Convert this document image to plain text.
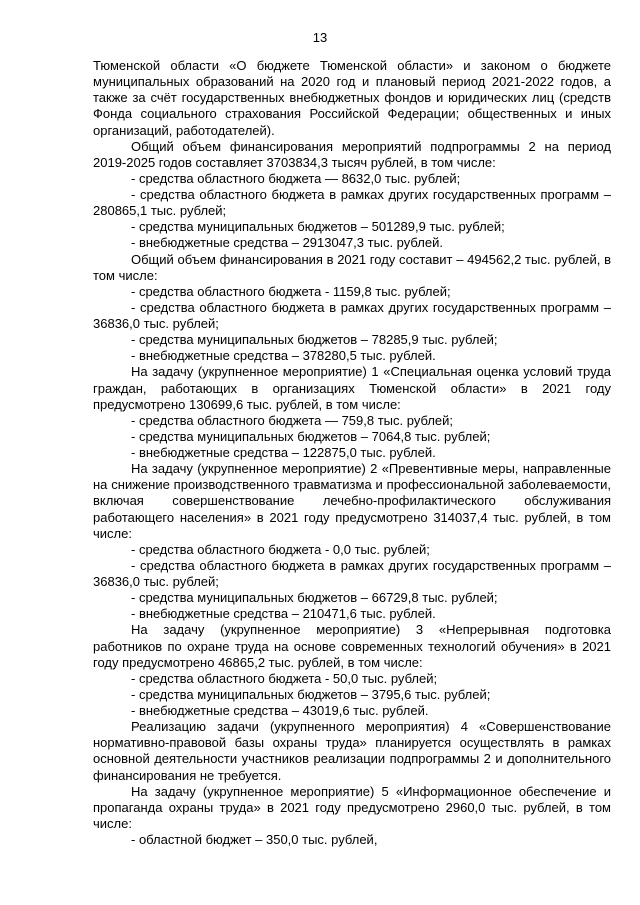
13

Тюменской области «О бюджете Тюменской области» и законом о бюджете муниципальных образований на 2020 год и плановый период 2021-2022 годов, а также за счёт государственных внебюджетных фондов и юридических лиц (средств Фонда социального страхования Российской Федерации; общественных и иных организаций, работодателей).

Общий объем финансирования мероприятий подпрограммы 2 на период 2019-2025 годов составляет 3703834,3 тысяч рублей, в том числе:

- средства областного бюджета — 8632,0 тыс. рублей;

- средства областного бюджета в рамках других государственных программ – 280865,1 тыс. рублей;

- средства муниципальных бюджетов – 501289,9 тыс. рублей;

- внебюджетные средства – 2913047,3 тыс. рублей.

Общий объем финансирования в 2021 году составит – 494562,2 тыс. рублей, в том числе:

- средства областного бюджета - 1159,8 тыс. рублей;

- средства областного бюджета в рамках других государственных программ – 36836,0 тыс. рублей;

- средства муниципальных бюджетов – 78285,9 тыс. рублей;

- внебюджетные средства – 378280,5 тыс. рублей.

На задачу (укрупненное мероприятие) 1 «Специальная оценка условий труда граждан, работающих в организациях Тюменской области» в 2021 году предусмотрено 130699,6 тыс. рублей, в том числе:

- средства областного бюджета — 759,8 тыс. рублей;

- средства муниципальных бюджетов – 7064,8 тыс. рублей;

- внебюджетные средства – 122875,0 тыс. рублей.

На задачу (укрупненное мероприятие) 2 «Превентивные меры, направленные на снижение производственного травматизма и профессиональной заболеваемости, включая совершенствование лечебно-профилактического обслуживания работающего населения» в 2021 году предусмотрено 314037,4 тыс. рублей, в том числе:

- средства областного бюджета - 0,0 тыс. рублей;

- средства областного бюджета в рамках других государственных программ – 36836,0 тыс. рублей;

- средства муниципальных бюджетов – 66729,8 тыс. рублей;

- внебюджетные средства – 210471,6 тыс. рублей.

На задачу (укрупненное мероприятие) 3 «Непрерывная подготовка работников по охране труда на основе современных технологий обучения» в 2021 году предусмотрено 46865,2 тыс. рублей, в том числе:

- средства областного бюджета - 50,0 тыс. рублей;

- средства муниципальных бюджетов – 3795,6 тыс. рублей;

- внебюджетные средства – 43019,6 тыс. рублей.

Реализацию задачи (укрупненного мероприятия) 4 «Совершенствование нормативно-правовой базы охраны труда» планируется осуществлять в рамках основной деятельности участников реализации подпрограммы 2 и дополнительного финансирования не требуется.

На задачу (укрупненное мероприятие) 5 «Информационное обеспечение и пропаганда охраны труда» в 2021 году предусмотрено 2960,0 тыс. рублей, в том числе:

- областной бюджет – 350,0 тыс. рублей,
